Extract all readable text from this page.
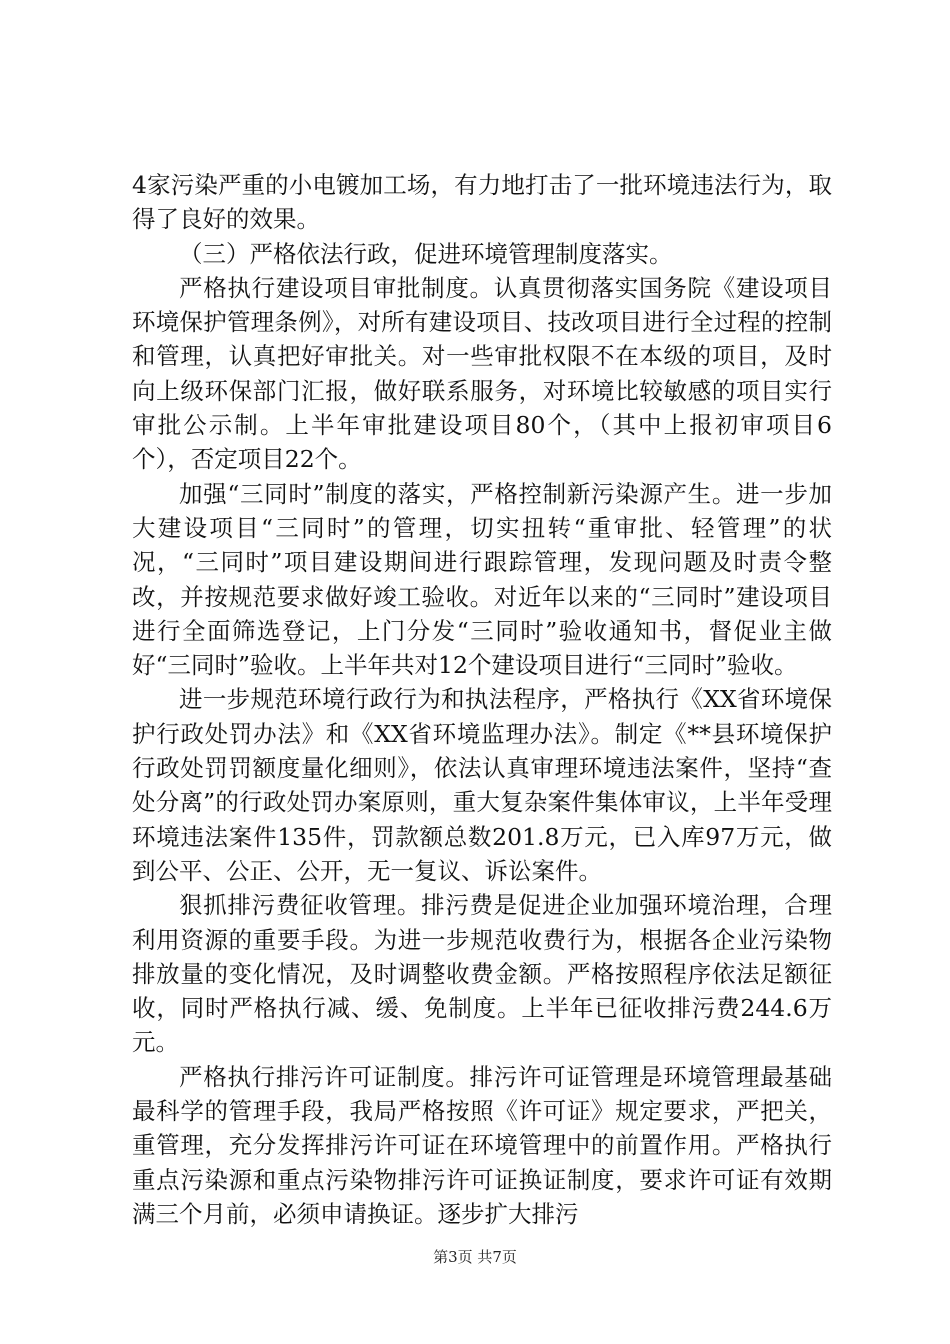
4家污染严重的小电镀加工场，有力地打击了一批环境违法行为，取得了良好的效果。

（三）严格依法行政，促进环境管理制度落实。

严格执行建设项目审批制度。认真贯彻落实国务院《建设项目环境保护管理条例》，对所有建设项目、技改项目进行全过程的控制和管理，认真把好审批关。对一些审批权限不在本级的项目，及时向上级环保部门汇报，做好联系服务，对环境比较敏感的项目实行审批公示制。上半年审批建设项目80个，（其中上报初审项目6个），否定项目22个。

加强“三同时”制度的落实，严格控制新污染源产生。进一步加大建设项目“三同时”的管理，切实扭转“重审批、轻管理”的状况，“三同时”项目建设期间进行跟踪管理，发现问题及时责令整改，并按规范要求做好竣工验收。对近年以来的“三同时”建设项目进行全面筛选登记，上门分发“三同时”验收通知书，督促业主做好“三同时”验收。上半年共对12个建设项目进行“三同时”验收。

进一步规范环境行政行为和执法程序，严格执行《XX省环境保护行政处罚办法》和《XX省环境监理办法》。制定《**县环境保护行政处罚罚额度量化细则》，依法认真审理环境违法案件，坚持“查处分离”的行政处罚办案原则，重大复杂案件集体审议，上半年受理环境违法案件135件，罚款额总数201.8万元，已入库97万元，做到公平、公正、公开，无一复议、诉讼案件。

狠抓排污费征收管理。排污费是促进企业加强环境治理，合理利用资源的重要手段。为进一步规范收费行为，根据各企业污染物排放量的变化情况，及时调整收费金额。严格按照程序依法足额征收，同时严格执行减、缓、免制度。上半年已征收排污费244.6万元。

严格执行排污许可证制度。排污许可证管理是环境管理最基础最科学的管理手段，我局严格按照《许可证》规定要求，严把关，重管理，充分发挥排污许可证在环境管理中的前置作用。严格执行重点污染源和重点污染物排污许可证换证制度，要求许可证有效期满三个月前，必须申请换证。逐步扩大排污

第3页 共7页
